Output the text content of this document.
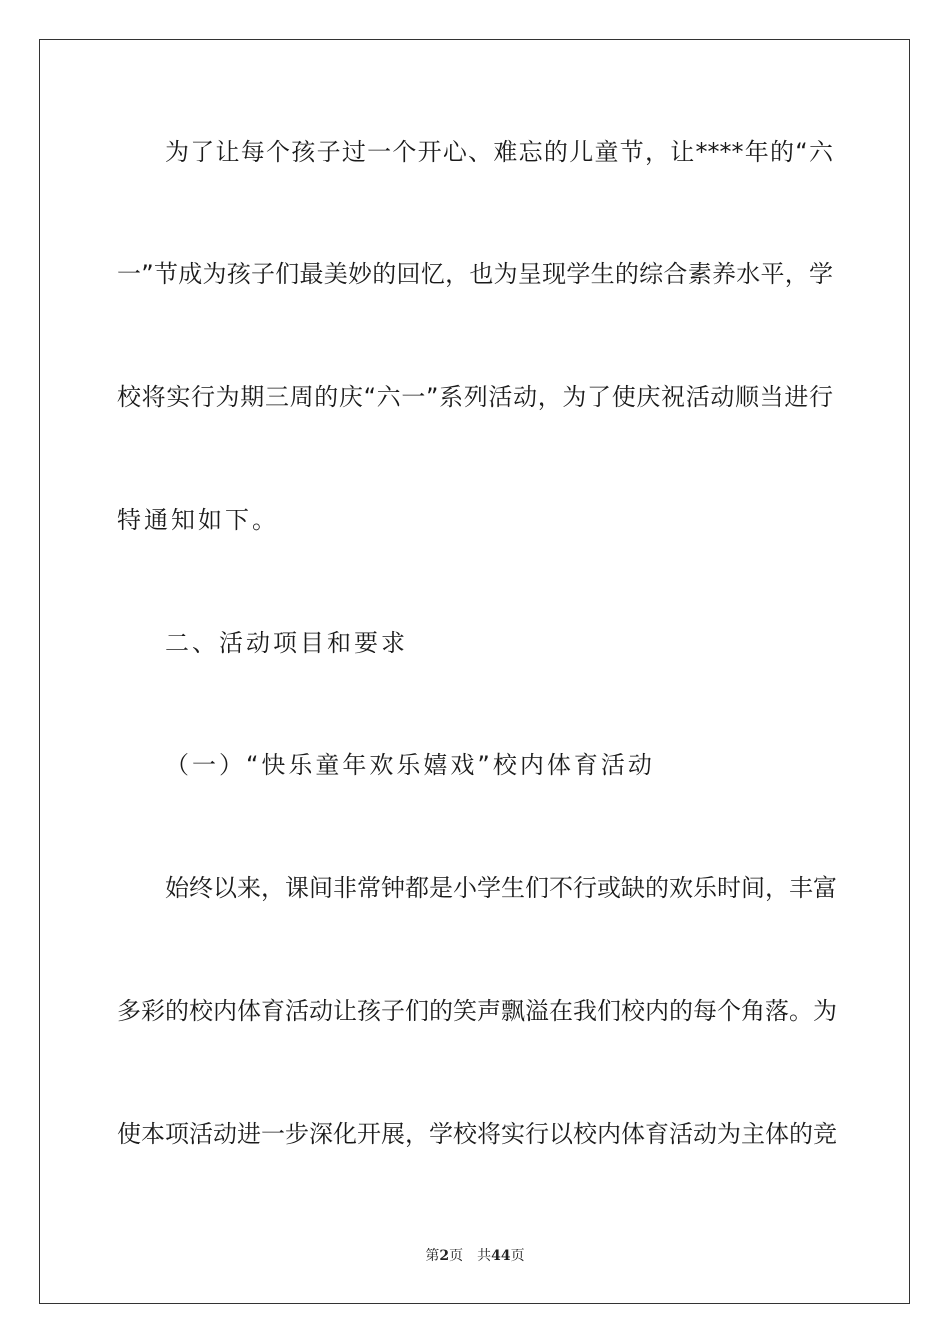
为了让每个孩子过一个开心、难忘的儿童节，让****年的“六
一”节成为孩子们最美妙的回忆，也为呈现学生的综合素养水平，学
校将实行为期三周的庆“六一”系列活动，为了使庆祝活动顺当进行
特通知如下。
二、活动项目和要求
（一）“快乐童年欢乐嬉戏”校内体育活动
始终以来，课间非常钟都是小学生们不行或缺的欢乐时间，丰富
多彩的校内体育活动让孩子们的笑声飘溢在我们校内的每个角落。为
使本项活动进一步深化开展，学校将实行以校内体育活动为主体的竞
第2页 共44页
